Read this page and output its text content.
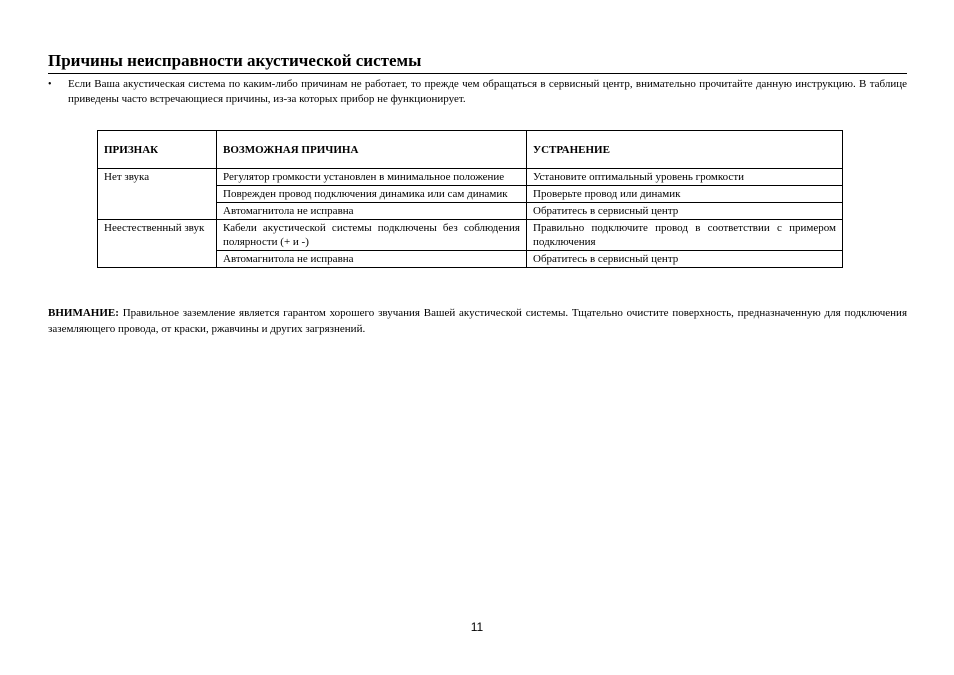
Причины неисправности акустической системы
•	Если Ваша акустическая система по каким-либо причинам не работает, то прежде чем обращаться в сервисный центр, внимательно прочитайте данную инструкцию. В таблице приведены часто встречающиеся причины, из-за которых прибор не функционирует.
ПРИЗНАК	ВОЗМОЖНАЯ ПРИЧИНА	УСТРАНЕНИЕ
Нет звука	Регулятор громкости установлен в минимальное положение	Установите оптимальный уровень громкости
	Поврежден провод подключения динамика или сам динамик	Проверьте провод или динамик
	Автомагнитола не исправна	Обратитесь в сервисный центр
Неестественный звук	Кабели акустической системы подключены без соблюдения полярности (+ и -)	Правильно подключите провод в соответствии с примером подключения
	Автомагнитола не исправна	Обратитесь в сервисный центр
ВНИМАНИЕ: Правильное заземление является гарантом хорошего звучания Вашей акустической системы. Тщательно очистите поверхность, предназначенную для подключения заземляющего провода, от краски, ржавчины и других загрязнений.
11
